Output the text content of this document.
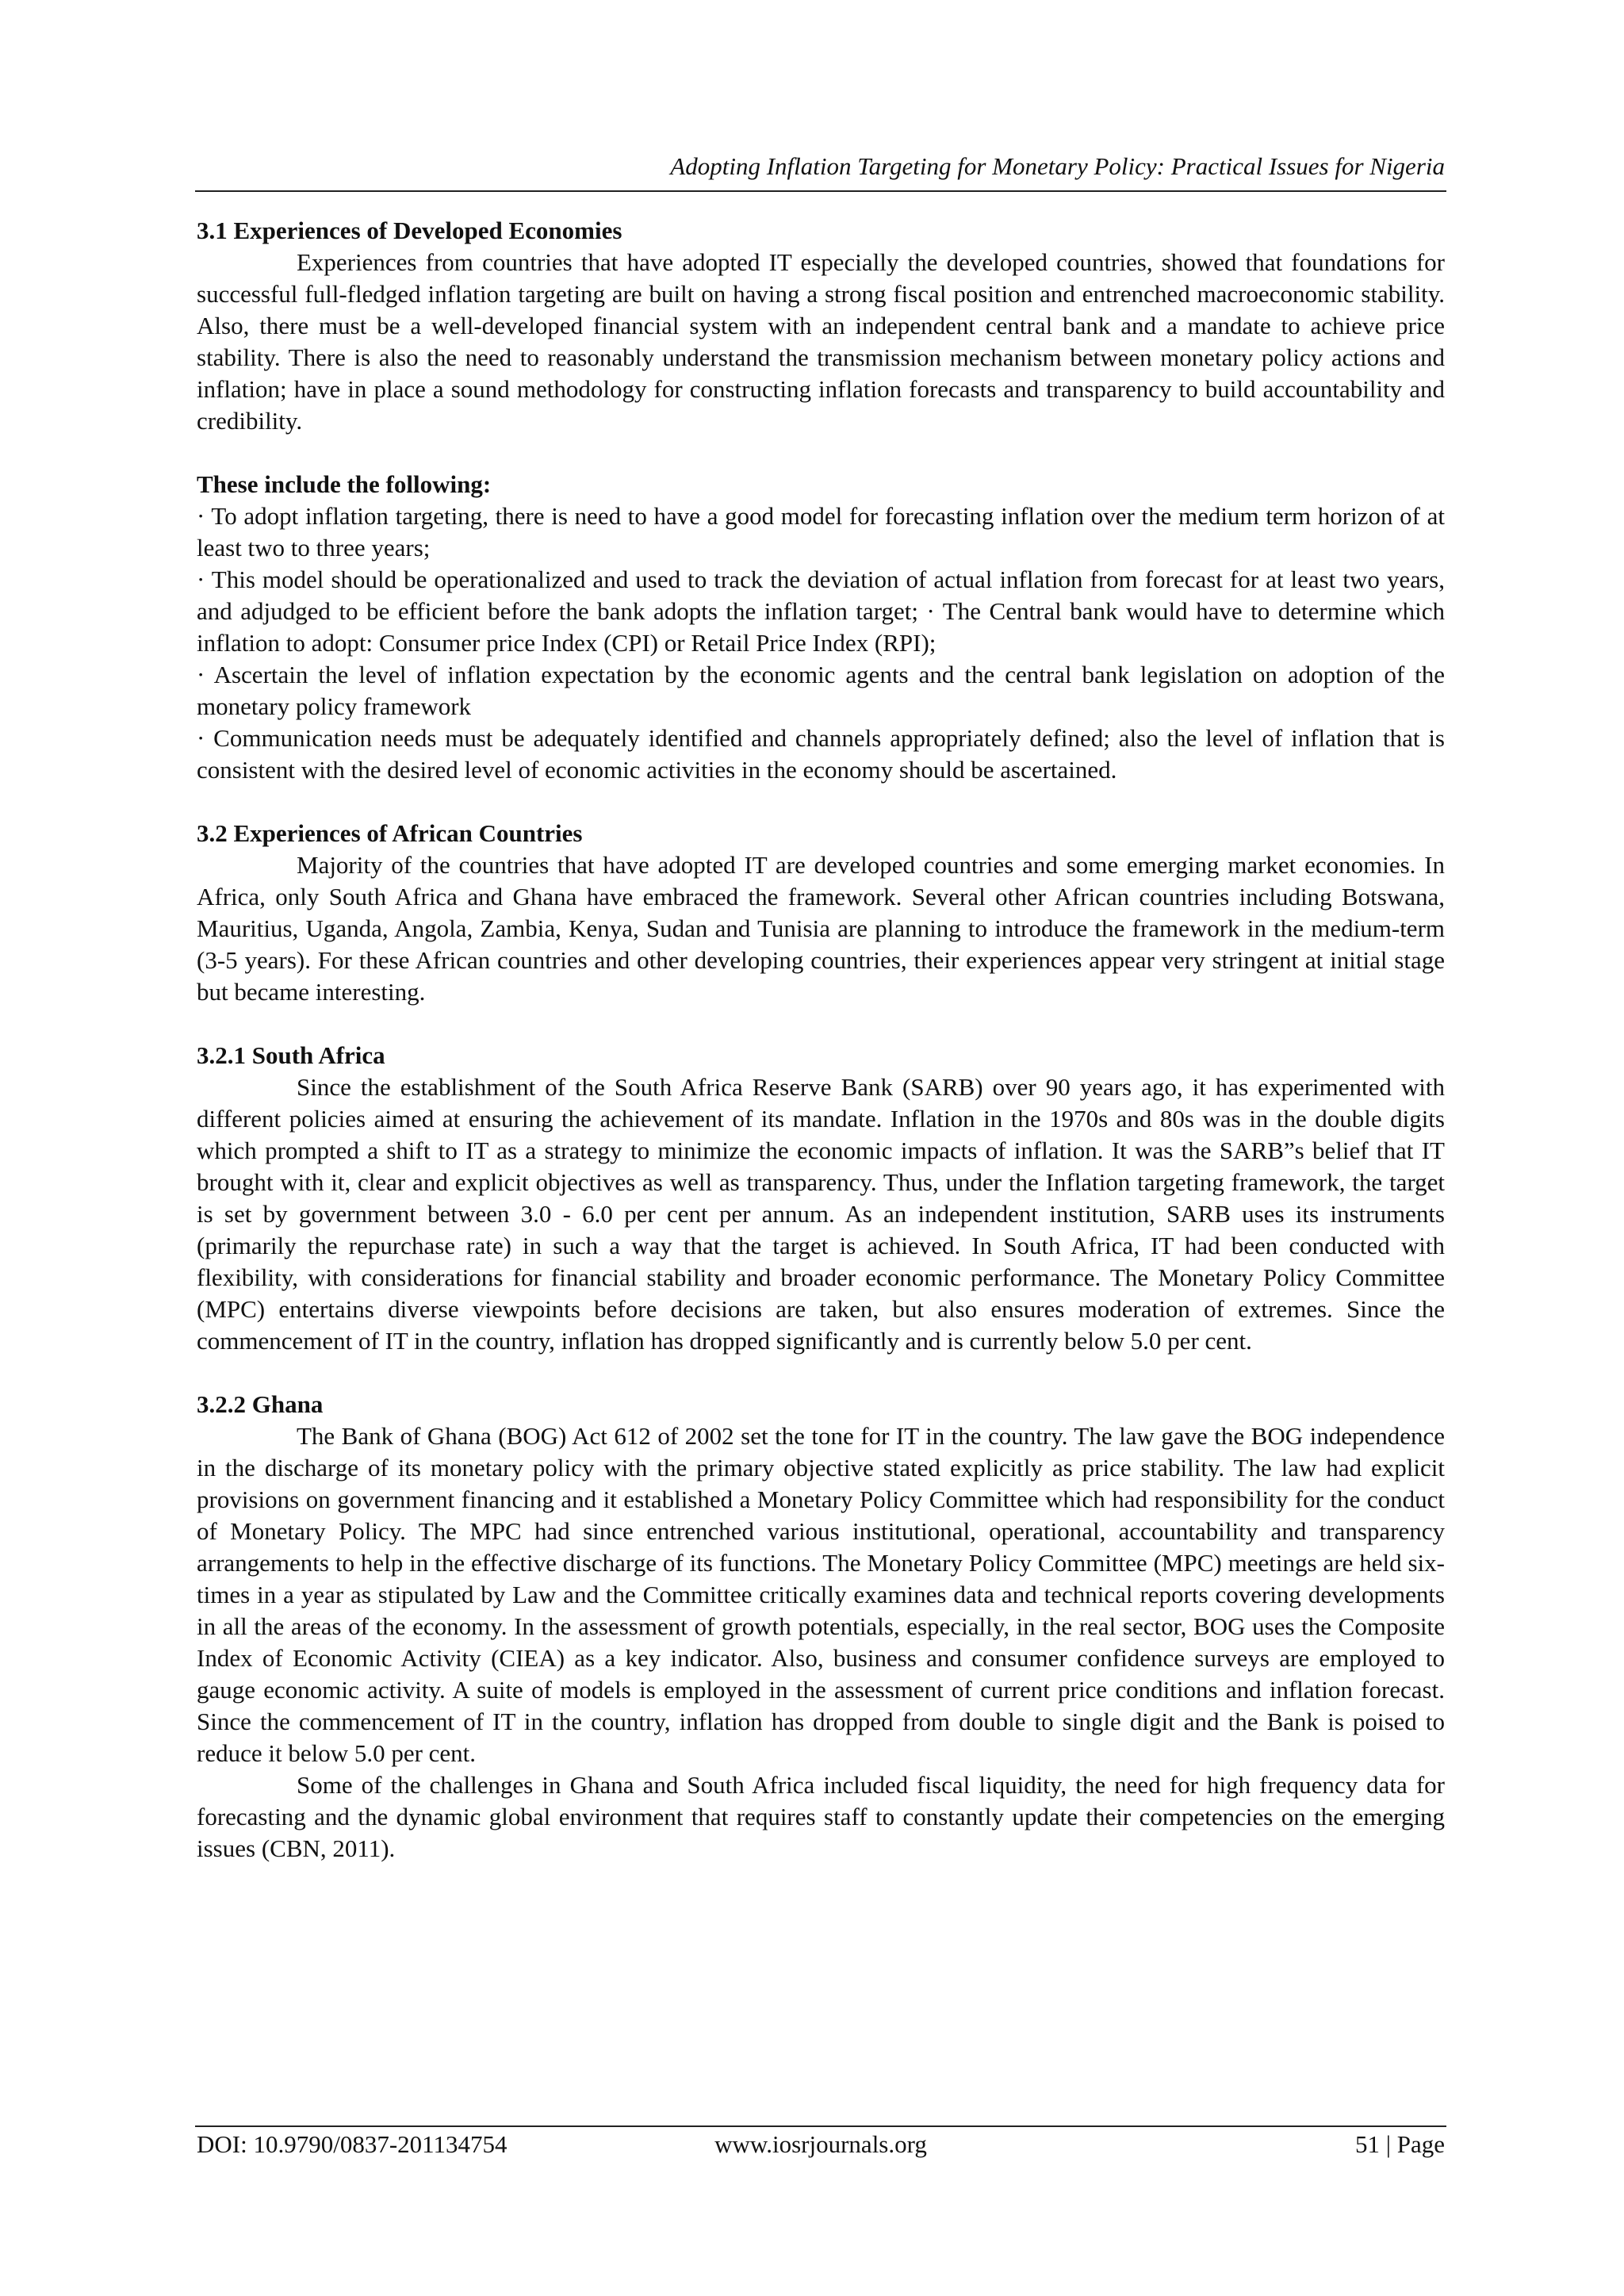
Adopting Inflation Targeting for Monetary Policy: Practical Issues for Nigeria

3.1 Experiences of Developed Economies

Experiences from countries that have adopted IT especially the developed countries, showed that foundations for successful full-fledged inflation targeting are built on having a strong fiscal position and entrenched macroeconomic stability. Also, there must be a well-developed financial system with an independent central bank and a mandate to achieve price stability. There is also the need to reasonably understand the transmission mechanism between monetary policy actions and inflation; have in place a sound methodology for constructing inflation forecasts and transparency to build accountability and credibility.

These include the following:

· To adopt inflation targeting, there is need to have a good model for forecasting inflation over the medium term horizon of at least two to three years;

· This model should be operationalized and used to track the deviation of actual inflation from forecast for at least two years, and adjudged to be efficient before the bank adopts the inflation target; · The Central bank would have to determine which inflation to adopt: Consumer price Index (CPI) or Retail Price Index (RPI);

· Ascertain the level of inflation expectation by the economic agents and the central bank legislation on adoption of the monetary policy framework

· Communication needs must be adequately identified and channels appropriately defined; also the level of inflation that is consistent with the desired level of economic activities in the economy should be ascertained.

3.2 Experiences of African Countries

Majority of the countries that have adopted IT are developed countries and some emerging market economies. In Africa, only South Africa and Ghana have embraced the framework. Several other African countries including Botswana, Mauritius, Uganda, Angola, Zambia, Kenya, Sudan and Tunisia are planning to introduce the framework in the medium-term (3-5 years). For these African countries and other developing countries, their experiences appear very stringent at initial stage but became interesting.

3.2.1 South Africa

Since the establishment of the South Africa Reserve Bank (SARB) over 90 years ago, it has experimented with different policies aimed at ensuring the achievement of its mandate. Inflation in the 1970s and 80s was in the double digits which prompted a shift to IT as a strategy to minimize the economic impacts of inflation. It was the SARB”s belief that IT brought with it, clear and explicit objectives as well as transparency. Thus, under the Inflation targeting framework, the target is set by government between 3.0 - 6.0 per cent per annum. As an independent institution, SARB uses its instruments (primarily the repurchase rate) in such a way that the target is achieved. In South Africa, IT had been conducted with flexibility, with considerations for financial stability and broader economic performance. The Monetary Policy Committee (MPC) entertains diverse viewpoints before decisions are taken, but also ensures moderation of extremes. Since the commencement of IT in the country, inflation has dropped significantly and is currently below 5.0 per cent.

3.2.2 Ghana

The Bank of Ghana (BOG) Act 612 of 2002 set the tone for IT in the country. The law gave the BOG independence in the discharge of its monetary policy with the primary objective stated explicitly as price stability. The law had explicit provisions on government financing and it established a Monetary Policy Committee which had responsibility for the conduct of Monetary Policy. The MPC had since entrenched various institutional, operational, accountability and transparency arrangements to help in the effective discharge of its functions. The Monetary Policy Committee (MPC) meetings are held six-times in a year as stipulated by Law and the Committee critically examines data and technical reports covering developments in all the areas of the economy. In the assessment of growth potentials, especially, in the real sector, BOG uses the Composite Index of Economic Activity (CIEA) as a key indicator. Also, business and consumer confidence surveys are employed to gauge economic activity. A suite of models is employed in the assessment of current price conditions and inflation forecast. Since the commencement of IT in the country, inflation has dropped from double to single digit and the Bank is poised to reduce it below 5.0 per cent.

Some of the challenges in Ghana and South Africa included fiscal liquidity, the need for high frequency data for forecasting and the dynamic global environment that requires staff to constantly update their competencies on the emerging issues (CBN, 2011).

DOI: 10.9790/0837-201134754	www.iosrjournals.org	51 | Page
